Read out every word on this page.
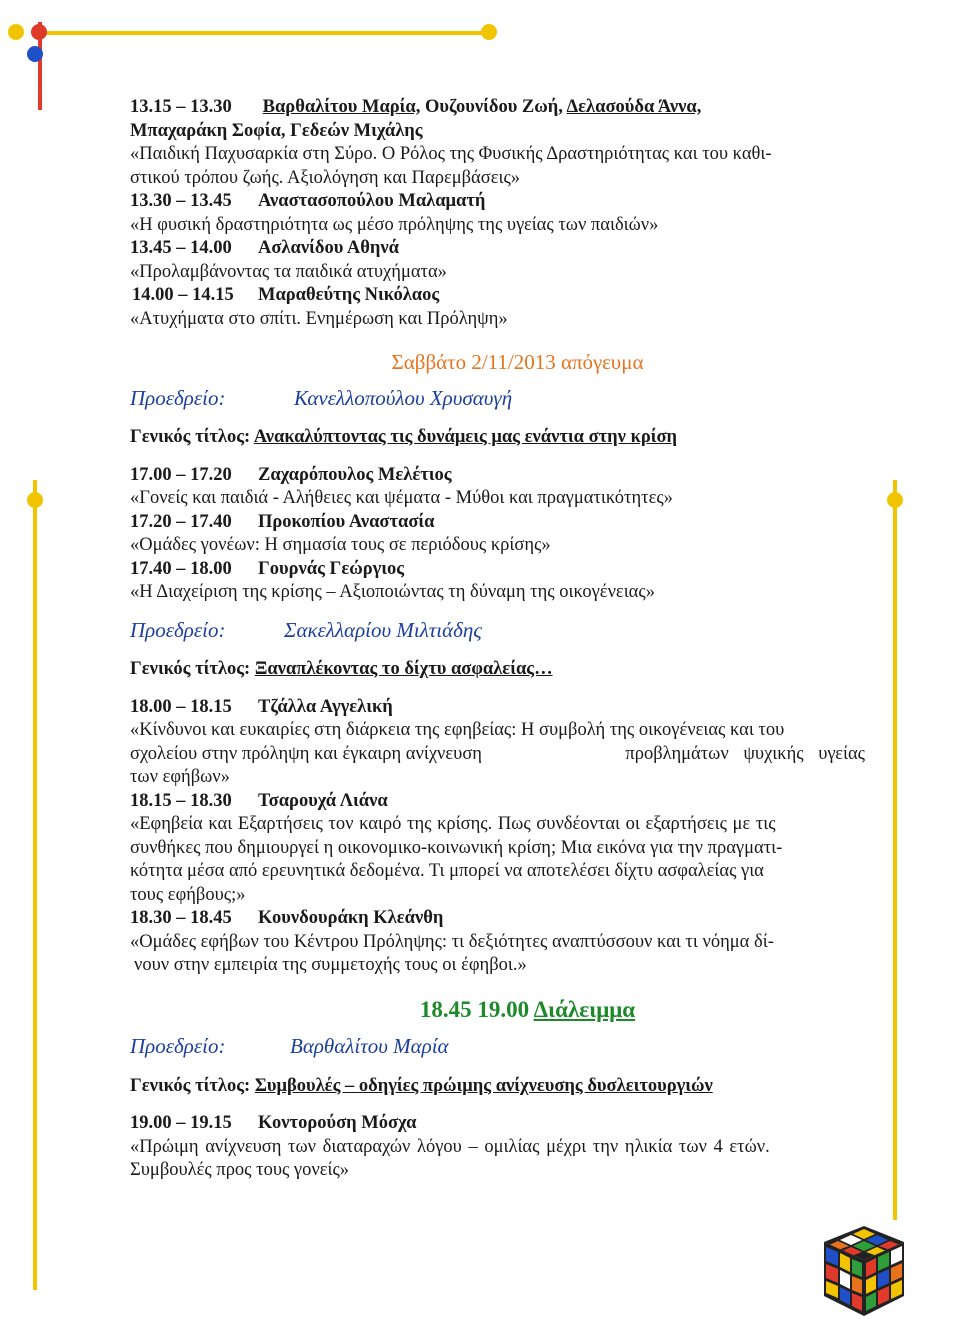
13.15 – 13.30 Βαρθαλίτου Μαρία, Ουζουνίδου Ζωή, Δελασούδα Άννα,

Μπαχαράκη Σοφία, Γεδεών Μιχάλης

«Παιδική Παχυσαρκία στη Σύρο. Ο Ρόλος της Φυσικής Δραστηριότητας και του καθι-

στικού τρόπου ζωής. Αξιολόγηση και Παρεμβάσεις»

13.30 – 13.45 Αναστασοπούλου Μαλαματή

«Η φυσική δραστηριότητα ως μέσο πρόληψης της υγείας των παιδιών»

13.45 – 14.00 Ασλανίδου Αθηνά

«Προλαμβάνοντας τα παιδικά ατυχήματα»

14.00 – 14.15 Μαραθεύτης Νικόλαος

«Ατυχήματα στο σπίτι. Ενημέρωση και Πρόληψη»

Σαββάτο 2/11/2013 απόγευμα

Προεδρείο:	Κανελλοπούλου Χρυσαυγή

Γενικός τίτλος: Ανακαλύπτοντας τις δυνάμεις μας ενάντια στην κρίση

17.00 – 17.20 Ζαχαρόπουλος Μελέτιος

«Γονείς και παιδιά - Αλήθειες και ψέματα - Μύθοι και πραγματικότητες»

17.20 – 17.40 Προκοπίου Αναστασία

«Ομάδες γονέων: Η σημασία τους σε περιόδους κρίσης»

17.40 – 18.00 Γουρνάς Γεώργιος

«Η Διαχείριση της κρίσης – Αξιοποιώντας τη δύναμη της οικογένειας»

Προεδρείο:	Σακελλαρίου Μιλτιάδης

Γενικός τίτλος: Ξαναπλέκοντας το δίχτυ ασφαλείας…

18.00 – 18.15 Τζάλλα Αγγελική

«Κίνδυνοι και ευκαιρίες στη διάρκεια της εφηβείας: Η συμβολή της οικογένειας και του

σχολείου στην πρόληψη και έγκαιρη ανίχνευση	προβλημάτων ψυχικής υγείας

των εφήβων»

18.15 – 18.30 Τσαρουχά Λιάνα

«Εφηβεία και Εξαρτήσεις τον καιρό της κρίσης. Πως συνδέονται οι εξαρτήσεις με τις

συνθήκες που δημιουργεί η οικονομικο-κοινωνική κρίση; Μια εικόνα για την πραγματι-

κότητα μέσα από ερευνητικά δεδομένα. Τι μπορεί να αποτελέσει δίχτυ ασφαλείας για

τους εφήβους;»

18.30 – 18.45 Κουνδουράκη Κλεάνθη

«Ομάδες εφήβων του Κέντρου Πρόληψης: τι δεξιότητες αναπτύσσουν και τι νόημα δί-

νουν στην εμπειρία της συμμετοχής τους οι έφηβοι.»

18.45 19.00 Διάλειμμα

Προεδρείο:	Βαρθαλίτου Μαρία

Γενικός τίτλος: Συμβουλές – οδηγίες πρώιμης ανίχνευσης δυσλειτουργιών

19.00 – 19.15 Κοντορούση Μόσχα

«Πρώιμη ανίχνευση των διαταραχών λόγου – ομιλίας μέχρι την ηλικία των 4 ετών.

Συμβουλές προς τους γονείς»
